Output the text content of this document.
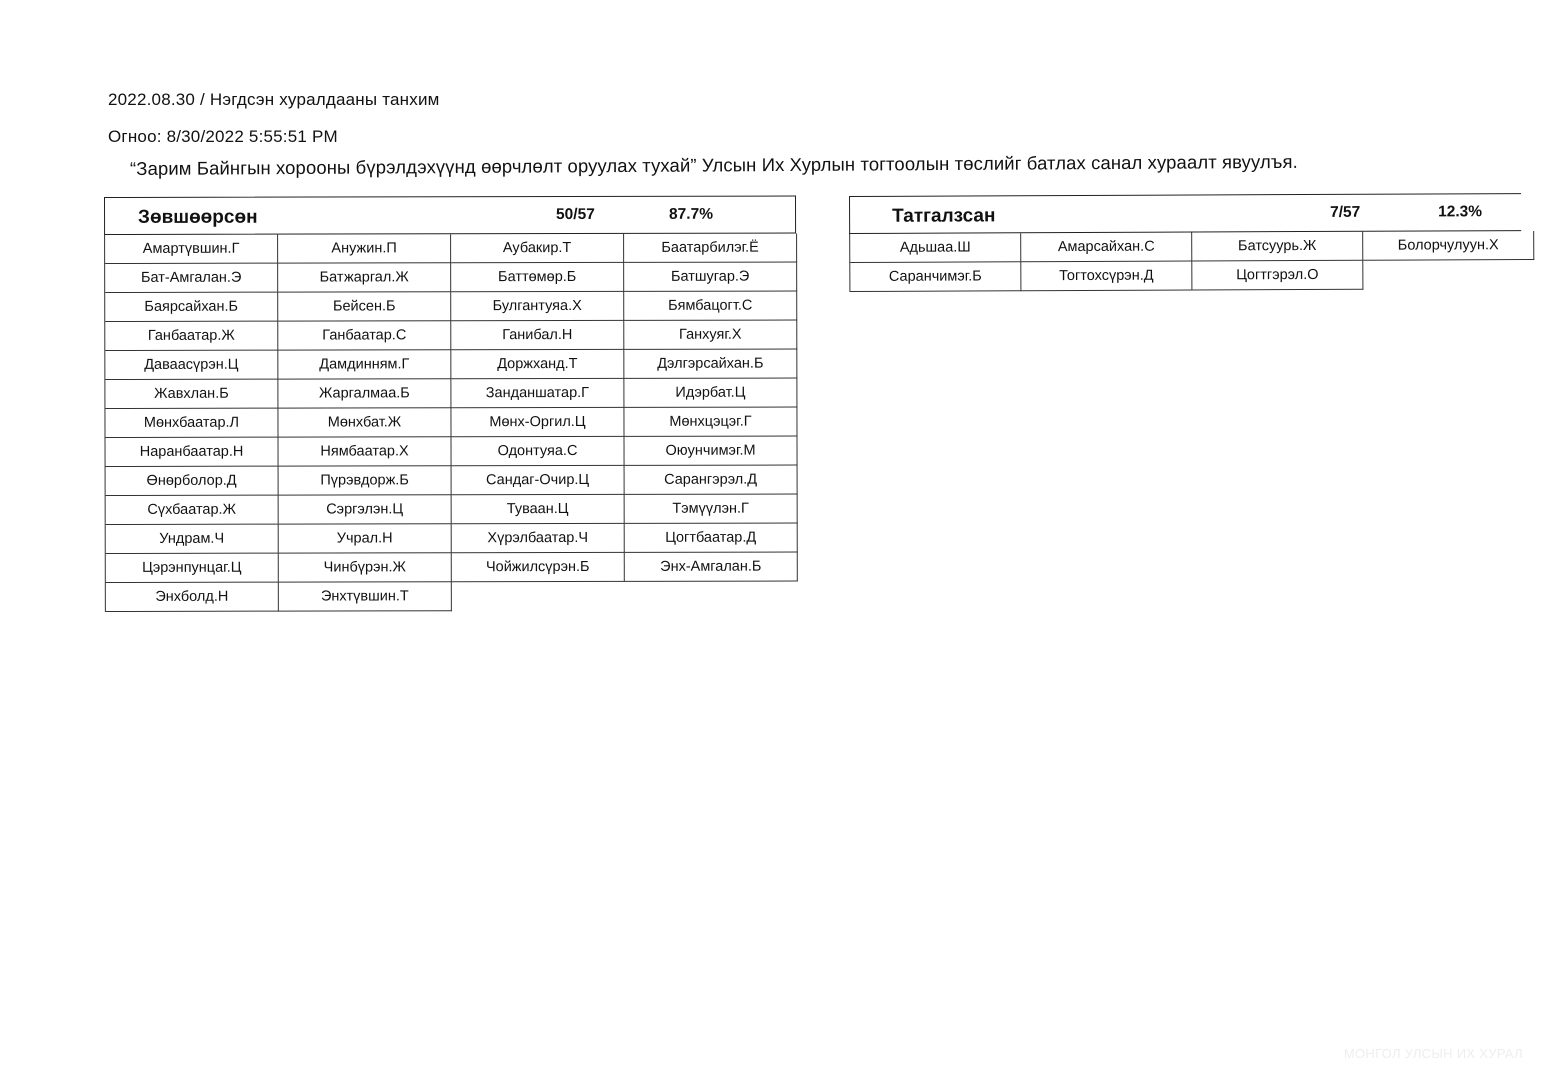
2022.08.30 / Нэгдсэн хуралдааны танхим
Огноо: 8/30/2022 5:55:51 PM
“Зарим Байнгын хорооны бүрэлдэхүүнд өөрчлөлт оруулах тухай” Улсын Их Хурлын тогтоолын төслийг батлах санал хураалт явуулъя.
Зөвшөөрсөн	50/57	87.7%
Амартүвшин.Г	Анужин.П	Аубакир.Т	Баатарбилэг.Ё
Бат-Амгалан.Э	Батжаргал.Ж	Баттөмөр.Б	Батшугар.Э
Баярсайхан.Б	Бейсен.Б	Булгантуяа.Х	Бямбацогт.С
Ганбаатар.Ж	Ганбаатар.С	Ганибал.Н	Ганхуяг.Х
Даваасүрэн.Ц	Дамдинням.Г	Доржханд.Т	Дэлгэрсайхан.Б
Жавхлан.Б	Жаргалмаа.Б	Занданшатар.Г	Идэрбат.Ц
Мөнхбаатар.Л	Мөнхбат.Ж	Мөнх-Оргил.Ц	Мөнхцэцэг.Г
Наранбаатар.Н	Нямбаатар.Х	Одонтуяа.С	Оюунчимэг.М
Өнөрболор.Д	Пүрэвдорж.Б	Сандаг-Очир.Ц	Сарангэрэл.Д
Сүхбаатар.Ж	Сэргэлэн.Ц	Туваан.Ц	Тэмүүлэн.Г
Ундрам.Ч	Учрал.Н	Хүрэлбаатар.Ч	Цогтбаатар.Д
Цэрэнпунцаг.Ц	Чинбүрэн.Ж	Чойжилсүрэн.Б	Энх-Амгалан.Б
Энхболд.Н	Энхтүвшин.Т
Татгалзсан	7/57	12.3%
Адьшаа.Ш	Амарсайхан.С	Батсуурь.Ж	Болорчулуун.Х
Саранчимэг.Б	Тогтохсүрэн.Д	Цогтгэрэл.О
МОНГОЛ УЛСЫН ИХ ХУРАЛ
